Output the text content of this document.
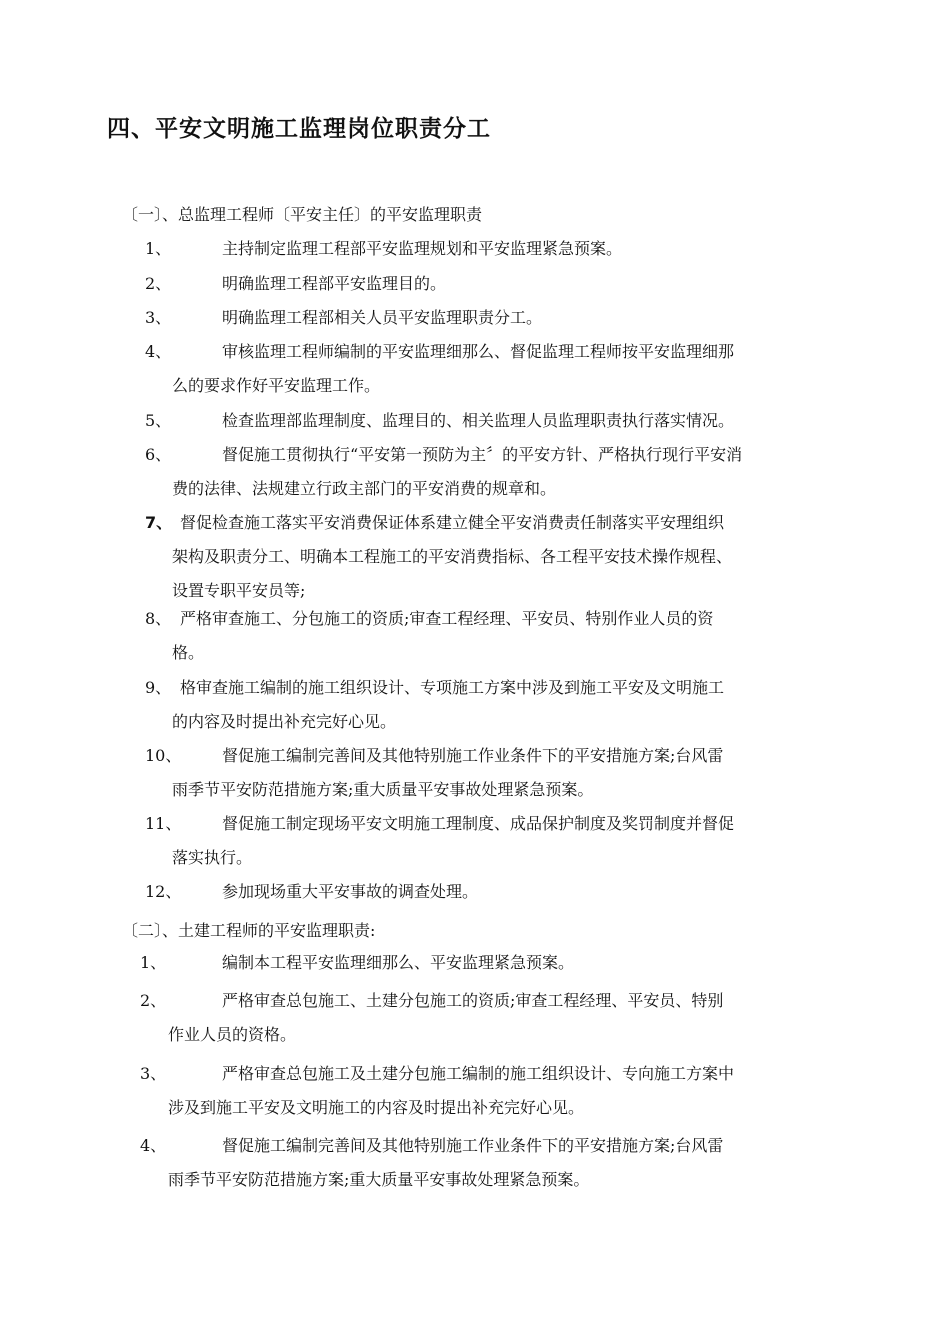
四、平安文明施工监理岗位职责分工
〔一〕、总监理工程师〔平安主任〕的平安监理职责
1、	主持制定监理工程部平安监理规划和平安监理紧急预案。
2、	明确监理工程部平安监理目的。
3、	明确监理工程部相关人员平安监理职责分工。
4、	审核监理工程师编制的平安监理细那么、督促监理工程师按平安监理细那
么的要求作好平安监理工作。
5、	检查监理部监理制度、监理目的、相关监理人员监理职责执行落实情况。
6、	督促施工贯彻执行“平安第一预防为主〞的平安方针、严格执行现行平安消
费的法律、法规建立行政主部门的平安消费的规章和。
7、 督促检查施工落实平安消费保证体系建立健全平安消费责任制落实平安理组织
架构及职责分工、明确本工程施工的平安消费指标、各工程平安技术操作规程、
设置专职平安员等;
8、 严格审查施工、分包施工的资质;审查工程经理、平安员、特别作业人员的资
格。
9、 格审查施工编制的施工组织设计、专项施工方案中涉及到施工平安及文明施工
的内容及时提出补充完好心见。
10、	督促施工编制完善间及其他特别施工作业条件下的平安措施方案;台风雷
雨季节平安防范措施方案;重大质量平安事故处理紧急预案。
11、	督促施工制定现场平安文明施工理制度、成品保护制度及奖罚制度并督促
落实执行。
12、	参加现场重大平安事故的调查处理。
〔二〕、土建工程师的平安监理职责:
1、	编制本工程平安监理细那么、平安监理紧急预案。
2、	严格审查总包施工、土建分包施工的资质;审查工程经理、平安员、特别
作业人员的资格。
3、	严格审查总包施工及土建分包施工编制的施工组织设计、专向施工方案中
涉及到施工平安及文明施工的内容及时提出补充完好心见。
4、	督促施工编制完善间及其他特别施工作业条件下的平安措施方案;台风雷
雨季节平安防范措施方案;重大质量平安事故处理紧急预案。
